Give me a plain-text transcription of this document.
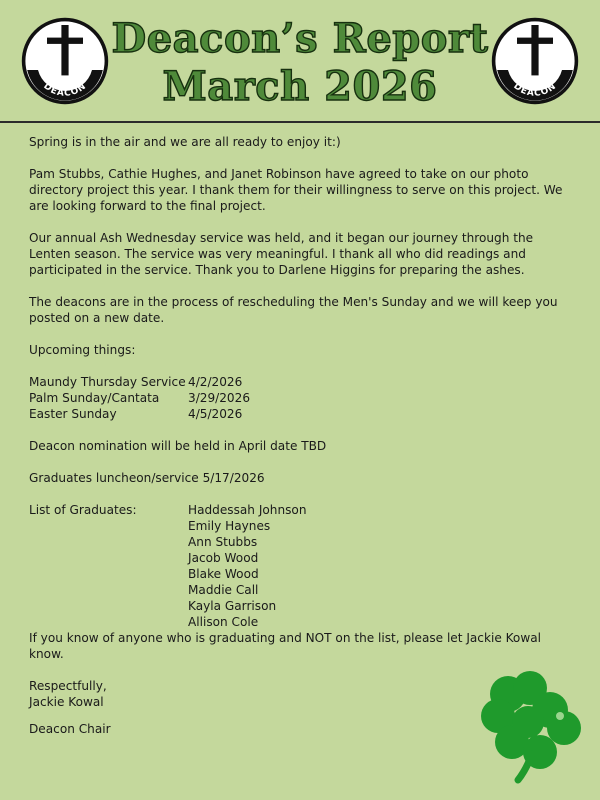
DEACON
Deacon’s Report
March 2026	DEACON

Spring is in the air and we are all ready to enjoy it:)

Pam Stubbs, Cathie Hughes, and Janet Robinson have agreed to take on our photo directory project this year. I thank them for their willingness to serve on this project. We are looking forward to the final project.

Our annual Ash Wednesday service was held, and it began our journey through the Lenten season. The service was very meaningful. I thank all who did readings and participated in the service. Thank you to Darlene Higgins for preparing the ashes.

The deacons are in the process of rescheduling the Men's Sunday and we will keep you posted on a new date.

Upcoming things:

Maundy Thursday Service 4/2/2026
Palm Sunday/Cantata	3/29/2026
Easter Sunday	4/5/2026

Deacon nomination will be held in April date TBD

Graduates luncheon/service 5/17/2026

List of Graduates:	Haddessah Johnson
Emily Haynes
Ann Stubbs
Jacob Wood
Blake Wood
Maddie Call
Kayla Garrison
Allison Cole

If you know of anyone who is graduating and NOT on the list, please let Jackie Kowal know.

Respectfully,

Jackie Kowal

Deacon Chair
